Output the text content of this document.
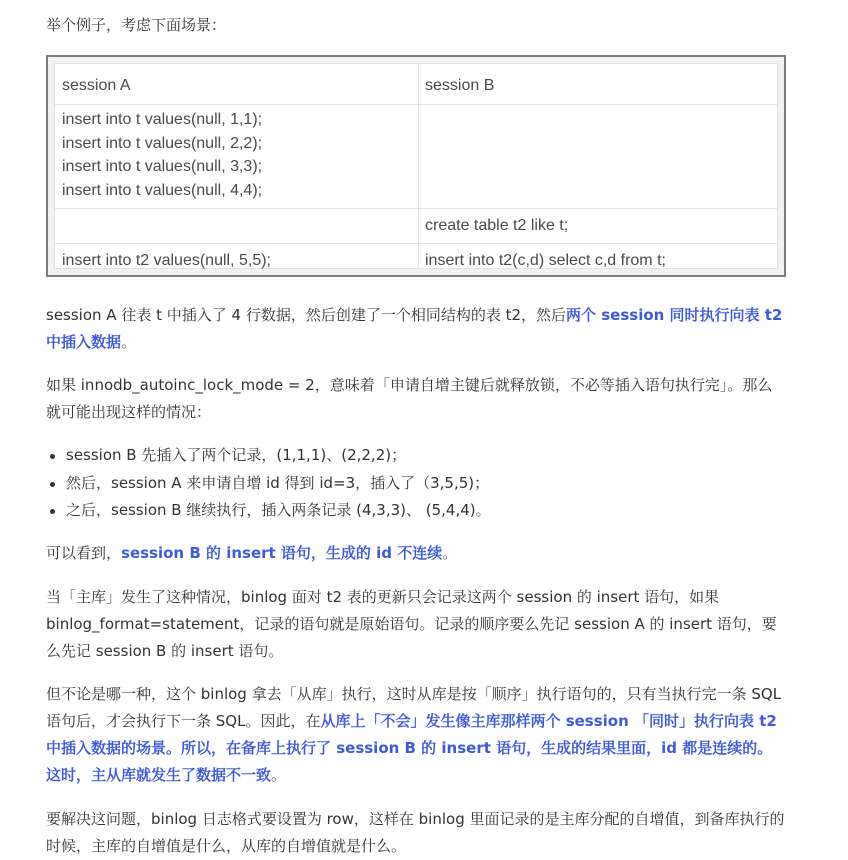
举个例子，考虑下面场景：

session A	session B
insert into t values(null, 1,1);
insert into t values(null, 2,2);
insert into t values(null, 3,3);
insert into t values(null, 4,4);
create table t2 like t;
insert into t2 values(null, 5,5);	insert into t2(c,d) select c,d from t;

session A 往表 t 中插入了 4 行数据，然后创建了一个相同结构的表 t2，然后两个 session 同时执行向表 t2 中插入数据。

如果 innodb_autoinc_lock_mode = 2，意味着「申请自增主键后就释放锁，不必等插入语句执行完」。那么就可能出现这样的情况：

session B 先插入了两个记录，(1,1,1)、(2,2,2)；
然后，session A 来申请自增 id 得到 id=3，插入了（3,5,5)；
之后，session B 继续执行，插入两条记录 (4,3,3)、 (5,4,4)。

可以看到，session B 的 insert 语句，生成的 id 不连续。

当「主库」发生了这种情况，binlog 面对 t2 表的更新只会记录这两个 session 的 insert 语句，如果 binlog_format=statement，记录的语句就是原始语句。记录的顺序要么先记 session A 的 insert 语句，要么先记 session B 的 insert 语句。

但不论是哪一种，这个 binlog 拿去「从库」执行，这时从库是按「顺序」执行语句的，只有当执行完一条 SQL 语句后，才会执行下一条 SQL。因此，在从库上「不会」发生像主库那样两个 session 「同时」执行向表 t2 中插入数据的场景。所以，在备库上执行了 session B 的 insert 语句，生成的结果里面，id 都是连续的。这时，主从库就发生了数据不一致。

要解决这问题，binlog 日志格式要设置为 row，这样在 binlog 里面记录的是主库分配的自增值，到备库执行的时候，主库的自增值是什么，从库的自增值就是什么。
